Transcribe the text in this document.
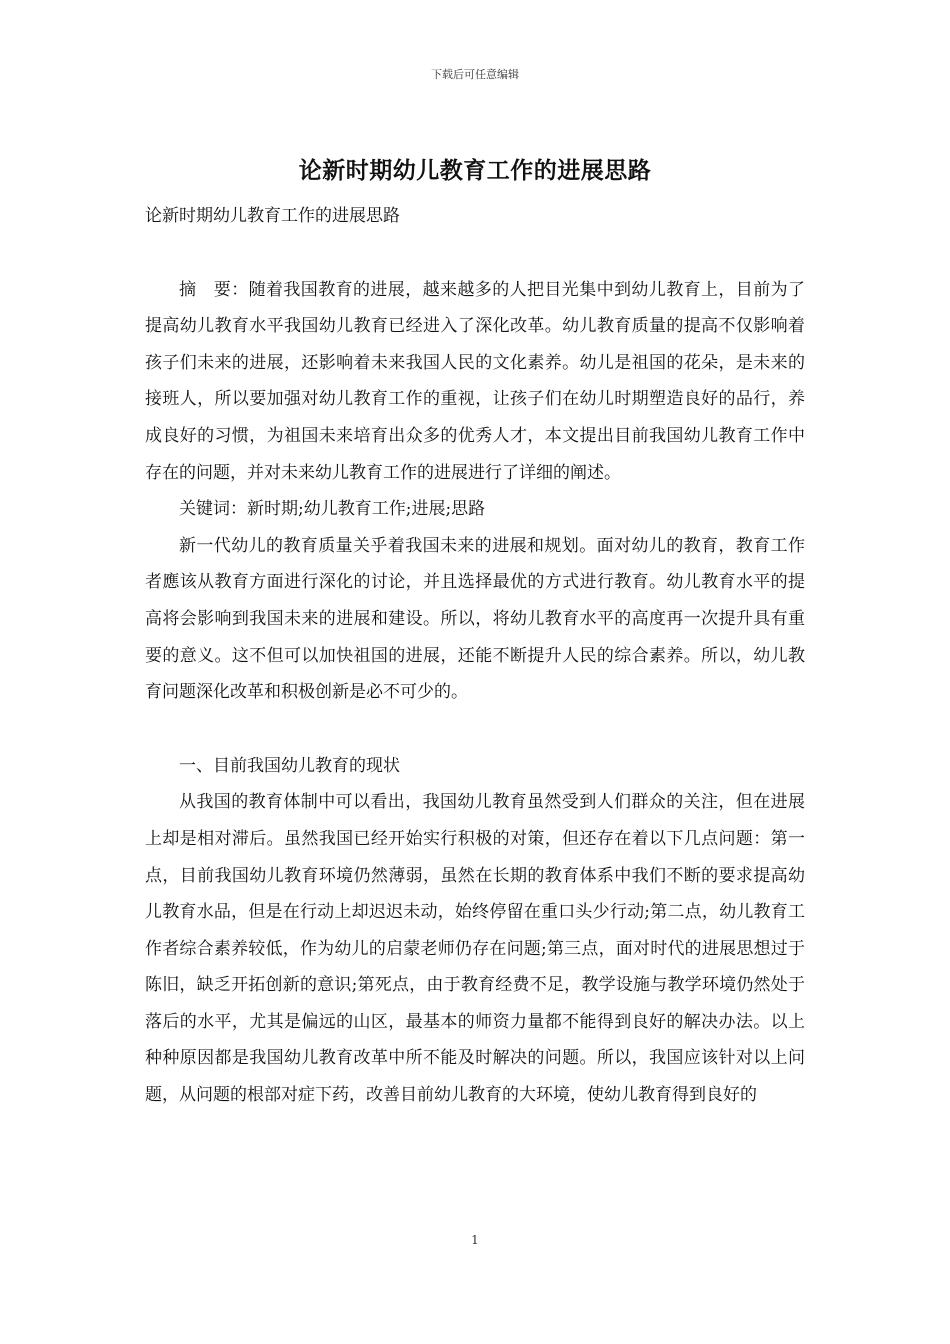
下载后可任意编辑
论新时期幼儿教育工作的进展思路

论新时期幼儿教育工作的进展思路

摘　要：随着我国教育的进展，越来越多的人把目光集中到幼儿教育上，目前为了提高幼儿教育水平我国幼儿教育已经进入了深化改革。幼儿教育质量的提高不仅影响着孩子们未来的进展，还影响着未来我国人民的文化素养。幼儿是祖国的花朵，是未来的接班人，所以要加强对幼儿教育工作的重视，让孩子们在幼儿时期塑造良好的品行，养成良好的习惯，为祖国未来培育出众多的优秀人才，本文提出目前我国幼儿教育工作中存在的问题，并对未来幼儿教育工作的进展进行了详细的阐述。

关键词：新时期;幼儿教育工作;进展;思路

新一代幼儿的教育质量关乎着我国未来的进展和规划。面对幼儿的教育，教育工作者應该从教育方面进行深化的讨论，并且选择最优的方式进行教育。幼儿教育水平的提高将会影响到我国未来的进展和建设。所以，将幼儿教育水平的高度再一次提升具有重要的意义。这不但可以加快祖国的进展，还能不断提升人民的综合素养。所以，幼儿教育问题深化改革和积极创新是必不可少的。

一、目前我国幼儿教育的现状

从我国的教育体制中可以看出，我国幼儿教育虽然受到人们群众的关注，但在进展上却是相对滞后。虽然我国已经开始实行积极的对策，但还存在着以下几点问题：第一点，目前我国幼儿教育环境仍然薄弱，虽然在长期的教育体系中我们不断的要求提高幼儿教育水品，但是在行动上却迟迟未动，始终停留在重口头少行动;第二点，幼儿教育工作者综合素养较低，作为幼儿的启蒙老师仍存在问题;第三点，面对时代的进展思想过于陈旧，缺乏开拓创新的意识;第死点，由于教育经费不足，教学设施与教学环境仍然处于落后的水平，尤其是偏远的山区，最基本的师资力量都不能得到良好的解决办法。以上种种原因都是我国幼儿教育改革中所不能及时解决的问题。所以，我国应该针对以上问题，从问题的根部对症下药，改善目前幼儿教育的大环境，使幼儿教育得到良好的

1
